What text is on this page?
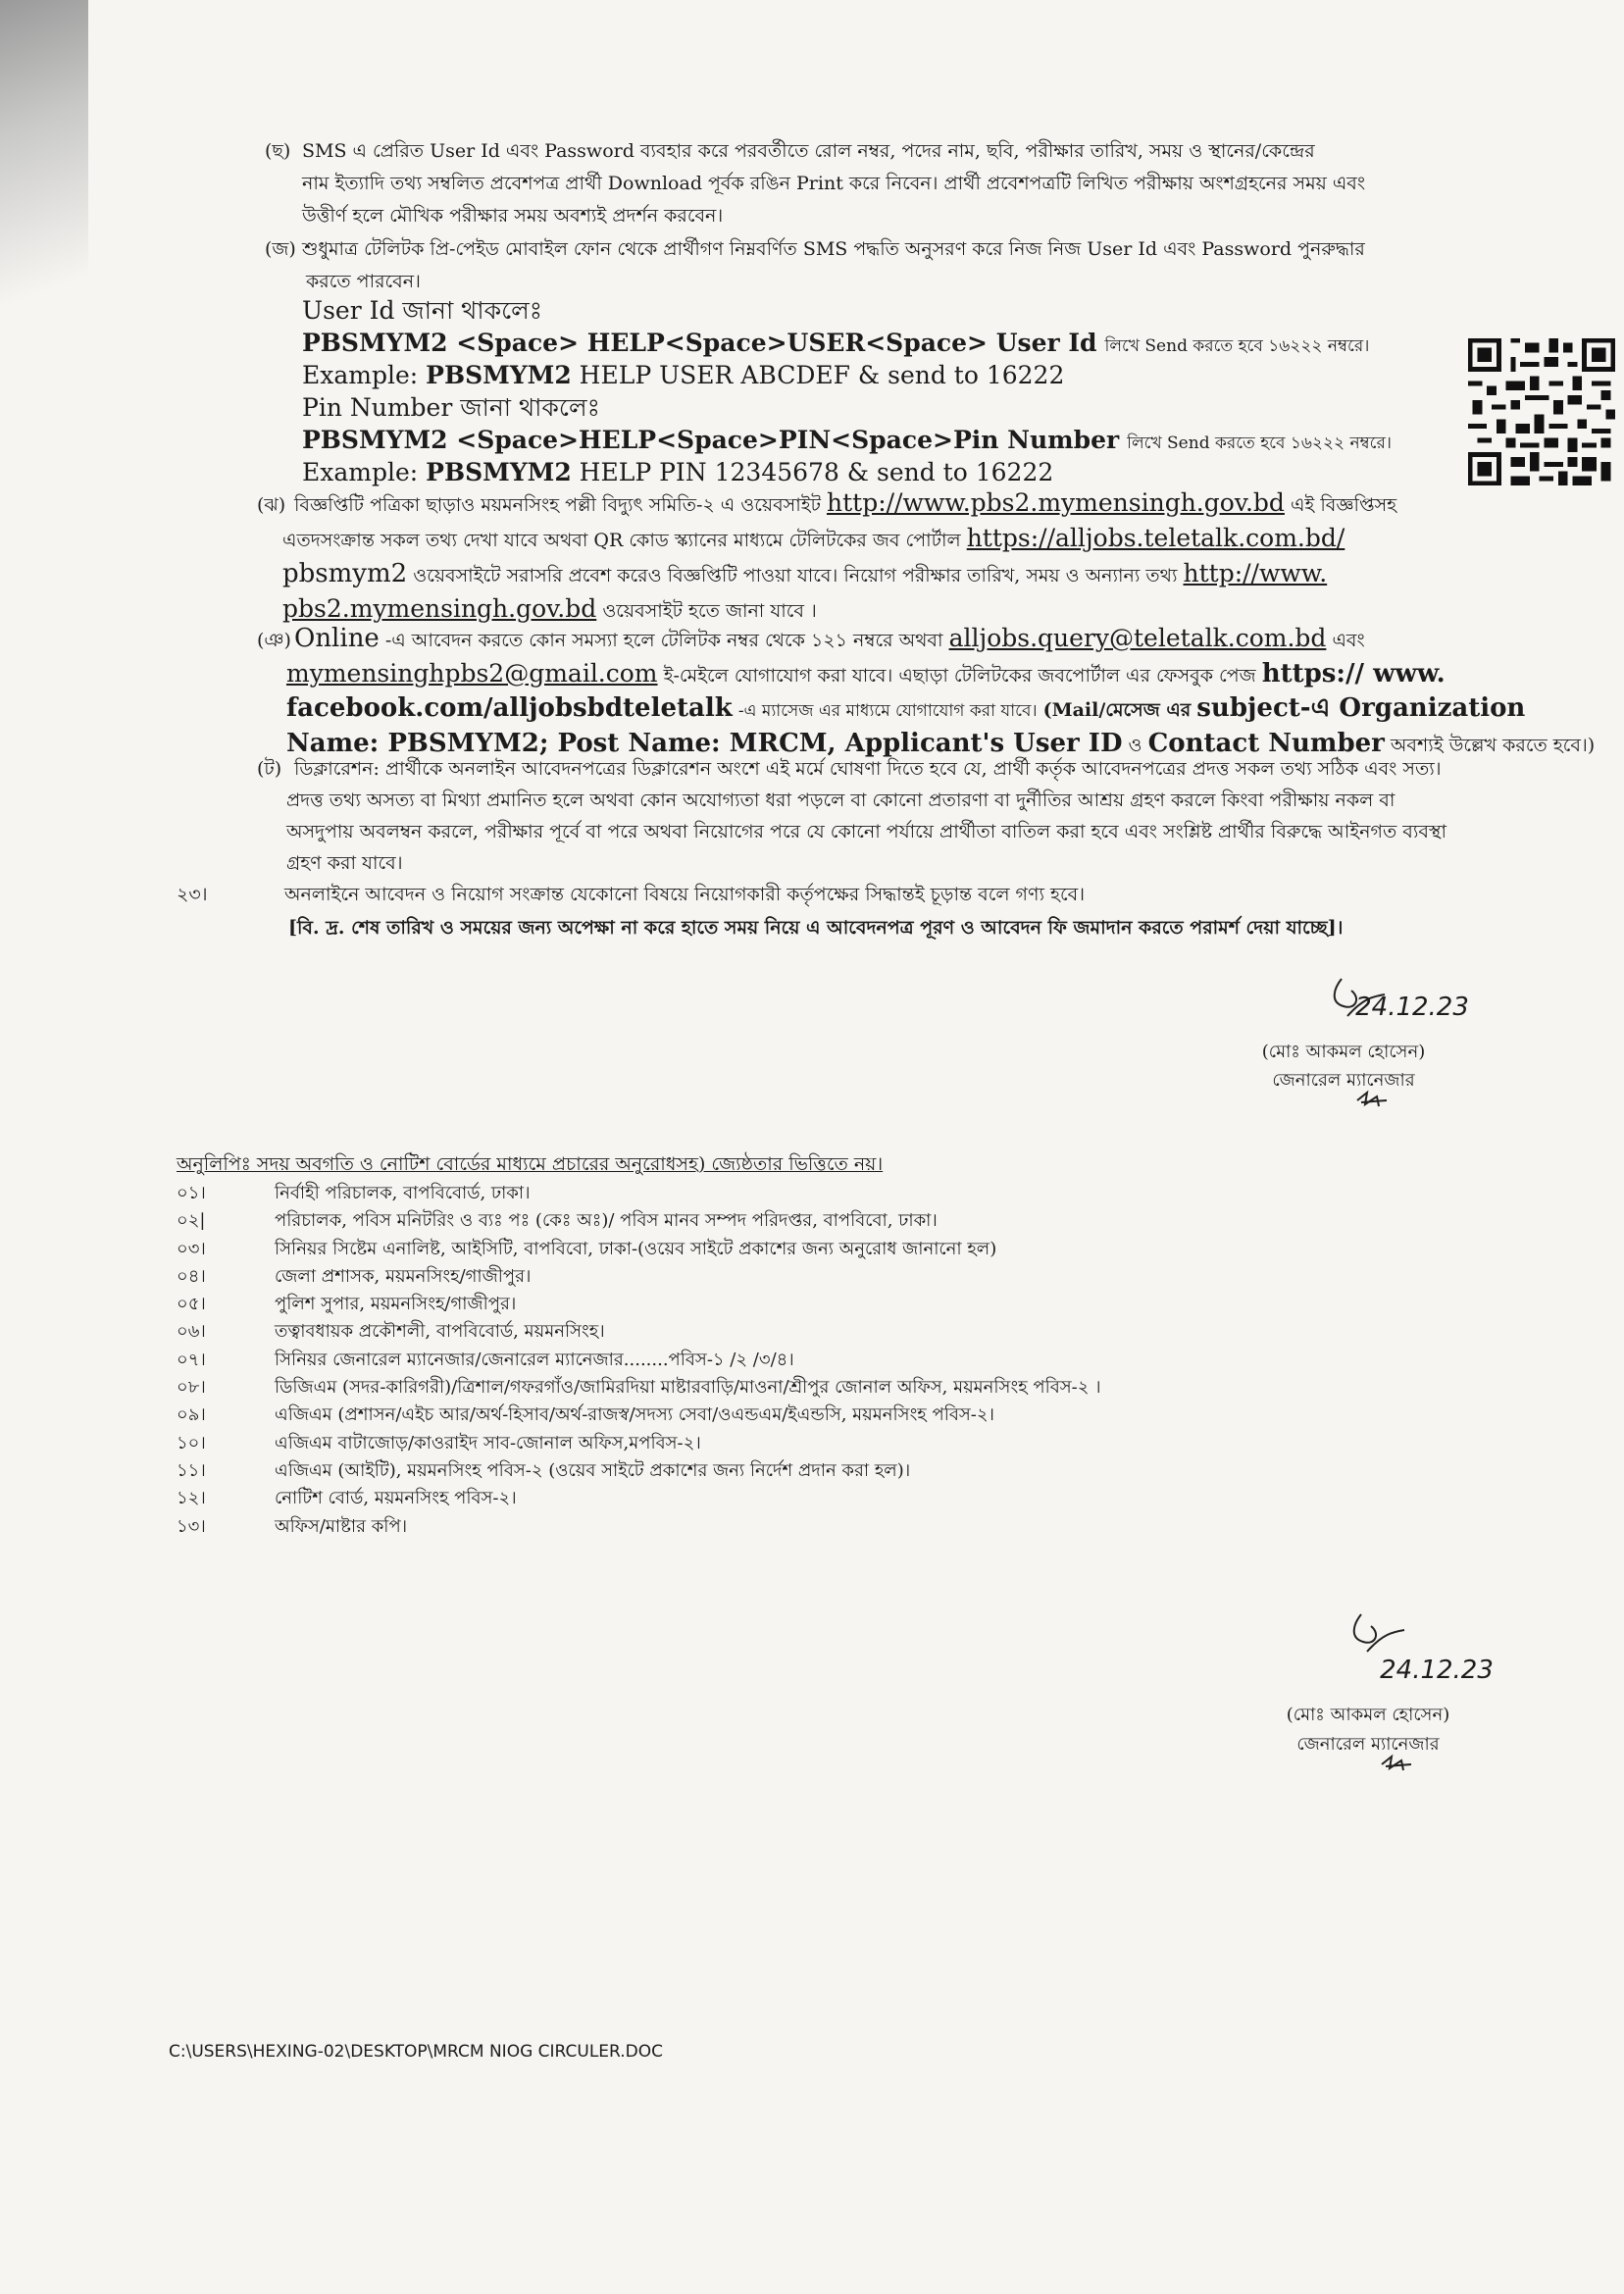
(ছ) SMS এ প্রেরিত User Id এবং Password ব্যবহার করে পরবর্তীতে রোল নম্বর, পদের নাম, ছবি, পরীক্ষার তারিখ, সময় ও স্থানের/কেন্দ্রের
নাম ইত্যাদি তথ্য সম্বলিত প্রবেশপত্র প্রার্থী Download পূর্বক রঙিন Print করে নিবেন। প্রার্থী প্রবেশপত্রটি লিখিত পরীক্ষায় অংশগ্রহনের সময় এবং
উত্তীর্ণ হলে মৌখিক পরীক্ষার সময় অবশ্যই প্রদর্শন করবেন।
(জ) শুধুমাত্র টেলিটক প্রি-পেইড মোবাইল ফোন থেকে প্রার্থীগণ নিম্নবর্ণিত SMS পদ্ধতি অনুসরণ করে নিজ নিজ User Id এবং Password পুনরুদ্ধার
করতে পারবেন।
User Id জানা থাকলেঃ
PBSMYM2 <Space> HELP<Space>USER<Space> User Id লিখে Send করতে হবে ১৬২২২ নম্বরে।
Example: PBSMYM2 HELP USER ABCDEF & send to 16222
Pin Number জানা থাকলেঃ
PBSMYM2 <Space>HELP<Space>PIN<Space>Pin Number লিখে Send করতে হবে ১৬২২২ নম্বরে।
Example: PBSMYM2 HELP PIN 12345678 & send to 16222
(ঝ) বিজ্ঞপ্তিটি পত্রিকা ছাড়াও ময়মনসিংহ পল্লী বিদ্যুৎ সমিতি-২ এ ওয়েবসাইট http://www.pbs2.mymensingh.gov.bd এই বিজ্ঞপ্তিসহ
এতদসংক্রান্ত সকল তথ্য দেখা যাবে অথবা QR কোড স্ক্যানের মাধ্যমে টেলিটকের জব পোর্টাল https://alljobs.teletalk.com.bd/
pbsmym2 ওয়েবসাইটে সরাসরি প্রবেশ করেও বিজ্ঞপ্তিটি পাওয়া যাবে। নিয়োগ পরীক্ষার তারিখ, সময় ও অন্যান্য তথ্য http://www.
pbs2.mymensingh.gov.bd ওয়েবসাইট হতে জানা যাবে ।
(ঞ) Online -এ আবেদন করতে কোন সমস্যা হলে টেলিটক নম্বর থেকে ১২১ নম্বরে অথবা alljobs.query@teletalk.com.bd এবং
mymensinghpbs2@gmail.com ই-মেইলে যোগাযোগ করা যাবে। এছাড়া টেলিটকের জবপোর্টাল এর ফেসবুক পেজ https:// www.
facebook.com/alljobsbdteletalk -এ ম্যাসেজ এর মাধ্যমে যোগাযোগ করা যাবে। (Mail/মেসেজ এর subject-এ Organization
Name: PBSMYM2; Post Name: MRCM, Applicant's User ID ও Contact Number অবশ্যই উল্লেখ করতে হবে।)
(ট) ডিক্লারেশন: প্রার্থীকে অনলাইন আবেদনপত্রের ডিক্লারেশন অংশে এই মর্মে ঘোষণা দিতে হবে যে, প্রার্থী কর্তৃক আবেদনপত্রের প্রদত্ত সকল তথ্য সঠিক এবং সত্য।
প্রদত্ত তথ্য অসত্য বা মিথ্যা প্রমানিত হলে অথবা কোন অযোগ্যতা ধরা পড়লে বা কোনো প্রতারণা বা দুর্নীতির আশ্রয় গ্রহণ করলে কিংবা পরীক্ষায় নকল বা
অসদুপায় অবলম্বন করলে, পরীক্ষার পূর্বে বা পরে অথবা নিয়োগের পরে যে কোনো পর্যায়ে প্রার্থীতা বাতিল করা হবে এবং সংশ্লিষ্ট প্রার্থীর বিরুদ্ধে আইনগত ব্যবস্থা
গ্রহণ করা যাবে।
২৩।	অনলাইনে আবেদন ও নিয়োগ সংক্রান্ত যেকোনো বিষয়ে নিয়োগকারী কর্তৃপক্ষের সিদ্ধান্তই চূড়ান্ত বলে গণ্য হবে।
[বি. দ্র. শেষ তারিখ ও সময়ের জন্য অপেক্ষা না করে হাতে সময় নিয়ে এ আবেদনপত্র পূরণ ও আবেদন ফি জমাদান করতে পরামর্শ দেয়া যাচ্ছে]।
24.12.23
(মোঃ আকমল হোসেন)
জেনারেল ম্যানেজার
অনুলিপিঃ সদয় অবগতি ও নোটিশ বোর্ডের মাধ্যমে প্রচারের অনুরোধসহ) জ্যেষ্ঠতার ভিত্তিতে নয়।
০১।	নির্বাহী পরিচালক, বাপবিবোর্ড, ঢাকা।
০২|	পরিচালক, পবিস মনিটরিং ও ব্যঃ পঃ (কেঃ অঃ)/ পবিস মানব সম্পদ পরিদপ্তর, বাপবিবো, ঢাকা।
০৩।	সিনিয়র সিষ্টেম এনালিষ্ট, আইসিটি, বাপবিবো, ঢাকা-(ওয়েব সাইটে প্রকাশের জন্য অনুরোধ জানানো হল)
০৪।	জেলা প্রশাসক, ময়মনসিংহ/গাজীপুর।
০৫।	পুলিশ সুপার, ময়মনসিংহ/গাজীপুর।
০৬।	তত্বাবধায়ক প্রকৌশলী, বাপবিবোর্ড, ময়মনসিংহ।
০৭।	সিনিয়র জেনারেল ম্যানেজার/জেনারেল ম্যানেজার........পবিস-১ /২ /৩/৪।
০৮।	ডিজিএম (সদর-কারিগরী)/ত্রিশাল/গফরগাঁও/জামিরদিয়া মাষ্টারবাড়ি/মাওনা/শ্রীপুর জোনাল অফিস, ময়মনসিংহ পবিস-২ ।
০৯।	এজিএম (প্রশাসন/এইচ আর/অর্থ-হিসাব/অর্থ-রাজস্ব/সদস্য সেবা/ওএন্ডএম/ইএন্ডসি, ময়মনসিংহ পবিস-২।
১০।	এজিএম বাটাজোড়/কাওরাইদ সাব-জোনাল অফিস,মপবিস-২।
১১।	এজিএম (আইটি), ময়মনসিংহ পবিস-২ (ওয়েব সাইটে প্রকাশের জন্য নির্দেশ প্রদান করা হল)।
১২।	নোটিশ বোর্ড, ময়মনসিংহ পবিস-২।
১৩।	অফিস/মাষ্টার কপি।
24.12.23
(মোঃ আকমল হোসেন)
জেনারেল ম্যানেজার
C:\USERS\HEXING-02\DESKTOP\MRCM NIOG CIRCULER.DOC
